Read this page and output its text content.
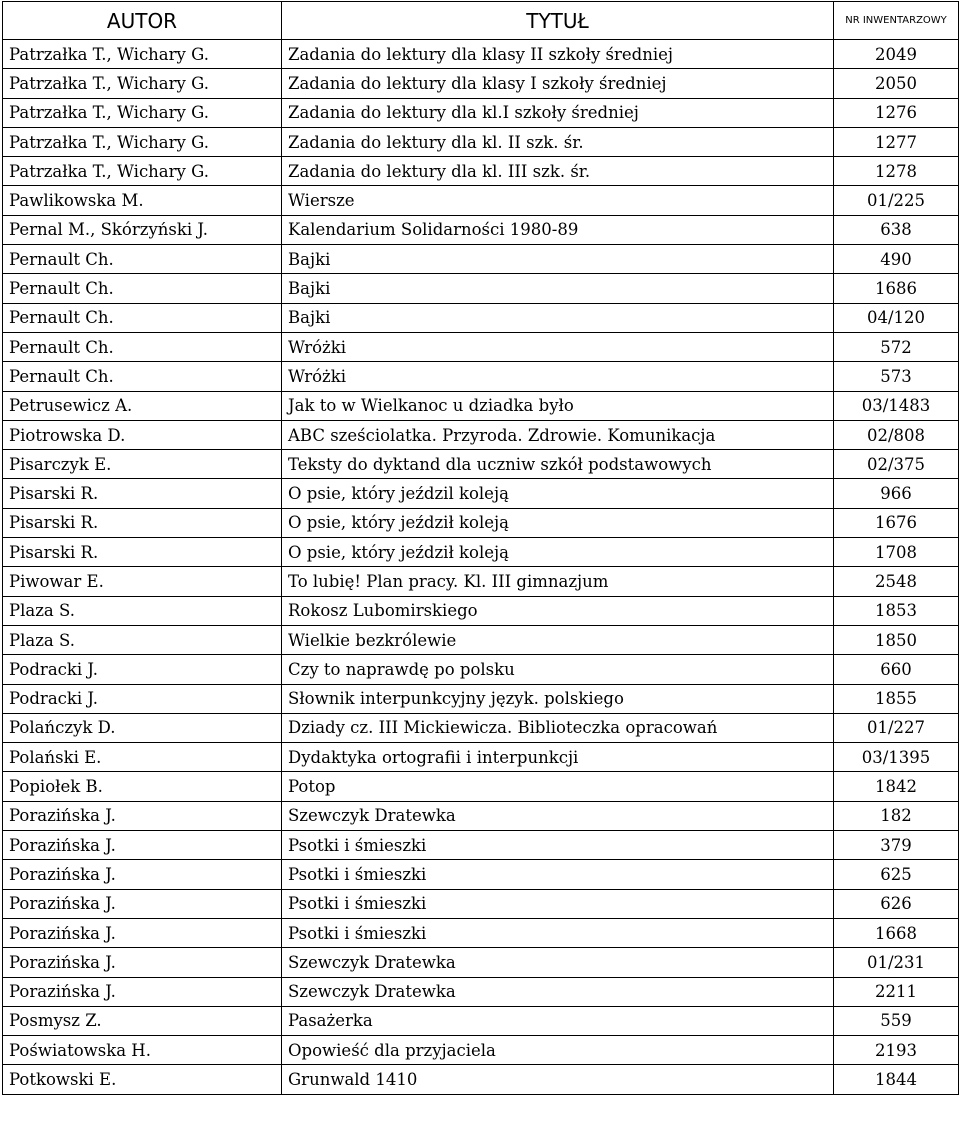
AUTOR	TYTUŁ	NR INWENTARZOWY
Patrzałka T., Wichary G.	Zadania do lektury dla klasy II szkoły średniej	2049
Patrzałka T., Wichary G.	Zadania do lektury dla klasy I szkoły średniej	2050
Patrzałka T., Wichary G.	Zadania do lektury dla kl.I szkoły średniej	1276
Patrzałka T., Wichary G.	Zadania do lektury dla kl. II szk. śr.	1277
Patrzałka T., Wichary G.	Zadania do lektury dla kl. III szk. śr.	1278
Pawlikowska M.	Wiersze	01/225
Pernal M., Skórzyński J.	Kalendarium Solidarności 1980-89	638
Pernault Ch.	Bajki	490
Pernault Ch.	Bajki	1686
Pernault Ch.	Bajki	04/120
Pernault Ch.	Wróżki	572
Pernault Ch.	Wróżki	573
Petrusewicz A.	Jak to w Wielkanoc u dziadka było	03/1483
Piotrowska D.	ABC sześciolatka. Przyroda. Zdrowie. Komunikacja	02/808
Pisarczyk E.	Teksty do dyktand dla uczniw szkół podstawowych	02/375
Pisarski R.	O psie, który jeździl koleją	966
Pisarski R.	O psie, który jeździł koleją	1676
Pisarski R.	O psie, który jeździł koleją	1708
Piwowar E.	To lubię! Plan pracy. Kl. III gimnazjum	2548
Plaza S.	Rokosz Lubomirskiego	1853
Plaza S.	Wielkie bezkrólewie	1850
Podracki J.	Czy to naprawdę po polsku	660
Podracki J.	Słownik interpunkcyjny język. polskiego	1855
Polańczyk D.	Dziady cz. III Mickiewicza. Biblioteczka opracowań	01/227
Polański E.	Dydaktyka ortografii i interpunkcji	03/1395
Popiołek B.	Potop	1842
Porazińska J.	Szewczyk Dratewka	182
Porazińska J.	Psotki i śmieszki	379
Porazińska J.	Psotki i śmieszki	625
Porazińska J.	Psotki i śmieszki	626
Porazińska J.	Psotki i śmieszki	1668
Porazińska J.	Szewczyk Dratewka	01/231
Porazińska J.	Szewczyk Dratewka	2211
Posmysz Z.	Pasażerka	559
Poświatowska H.	Opowieść dla przyjaciela	2193
Potkowski E.	Grunwald 1410	1844
